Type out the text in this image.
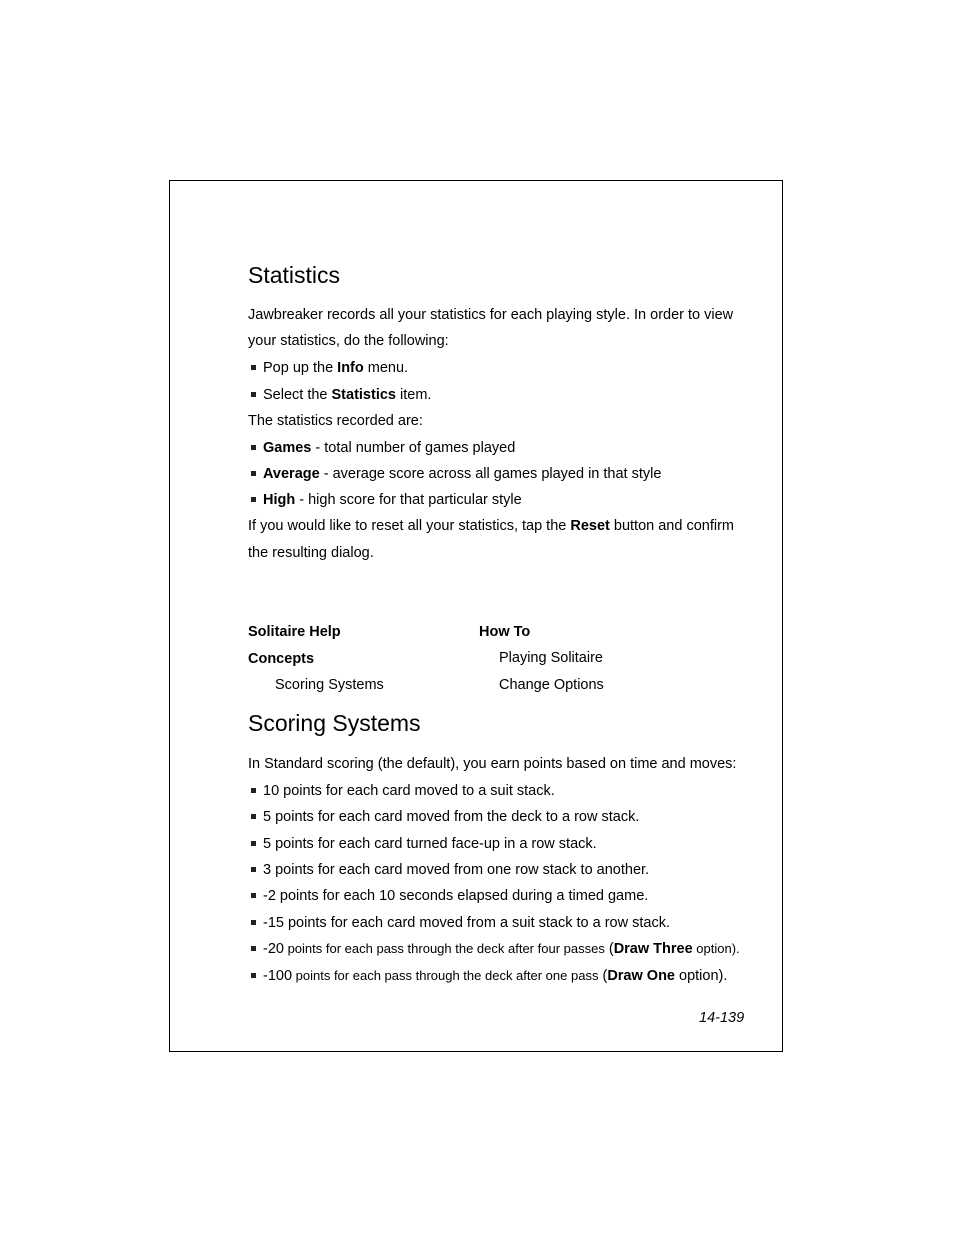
Statistics
Jawbreaker records all your statistics for each playing style. In order to view
your statistics, do the following:
Pop up the Info menu.
Select the Statistics item.
The statistics recorded are:
Games - total number of games played
Average - average score across all games played in that style
High - high score for that particular style
If you would like to reset all your statistics, tap the Reset button and confirm
the resulting dialog.
Solitaire Help
Concepts
Scoring Systems
How To
Playing Solitaire
Change Options
Scoring Systems
In Standard scoring (the default), you earn points based on time and moves:
10 points for each card moved to a suit stack.
5 points for each card moved from the deck to a row stack.
5 points for each card turned face-up in a row stack.
3 points for each card moved from one row stack to another.
-2 points for each 10 seconds elapsed during a timed game.
-15 points for each card moved from a suit stack to a row stack.
-20 points for each pass through the deck after four passes (Draw Three option).
-100 points for each pass through the deck after one pass (Draw One option).
14-139
